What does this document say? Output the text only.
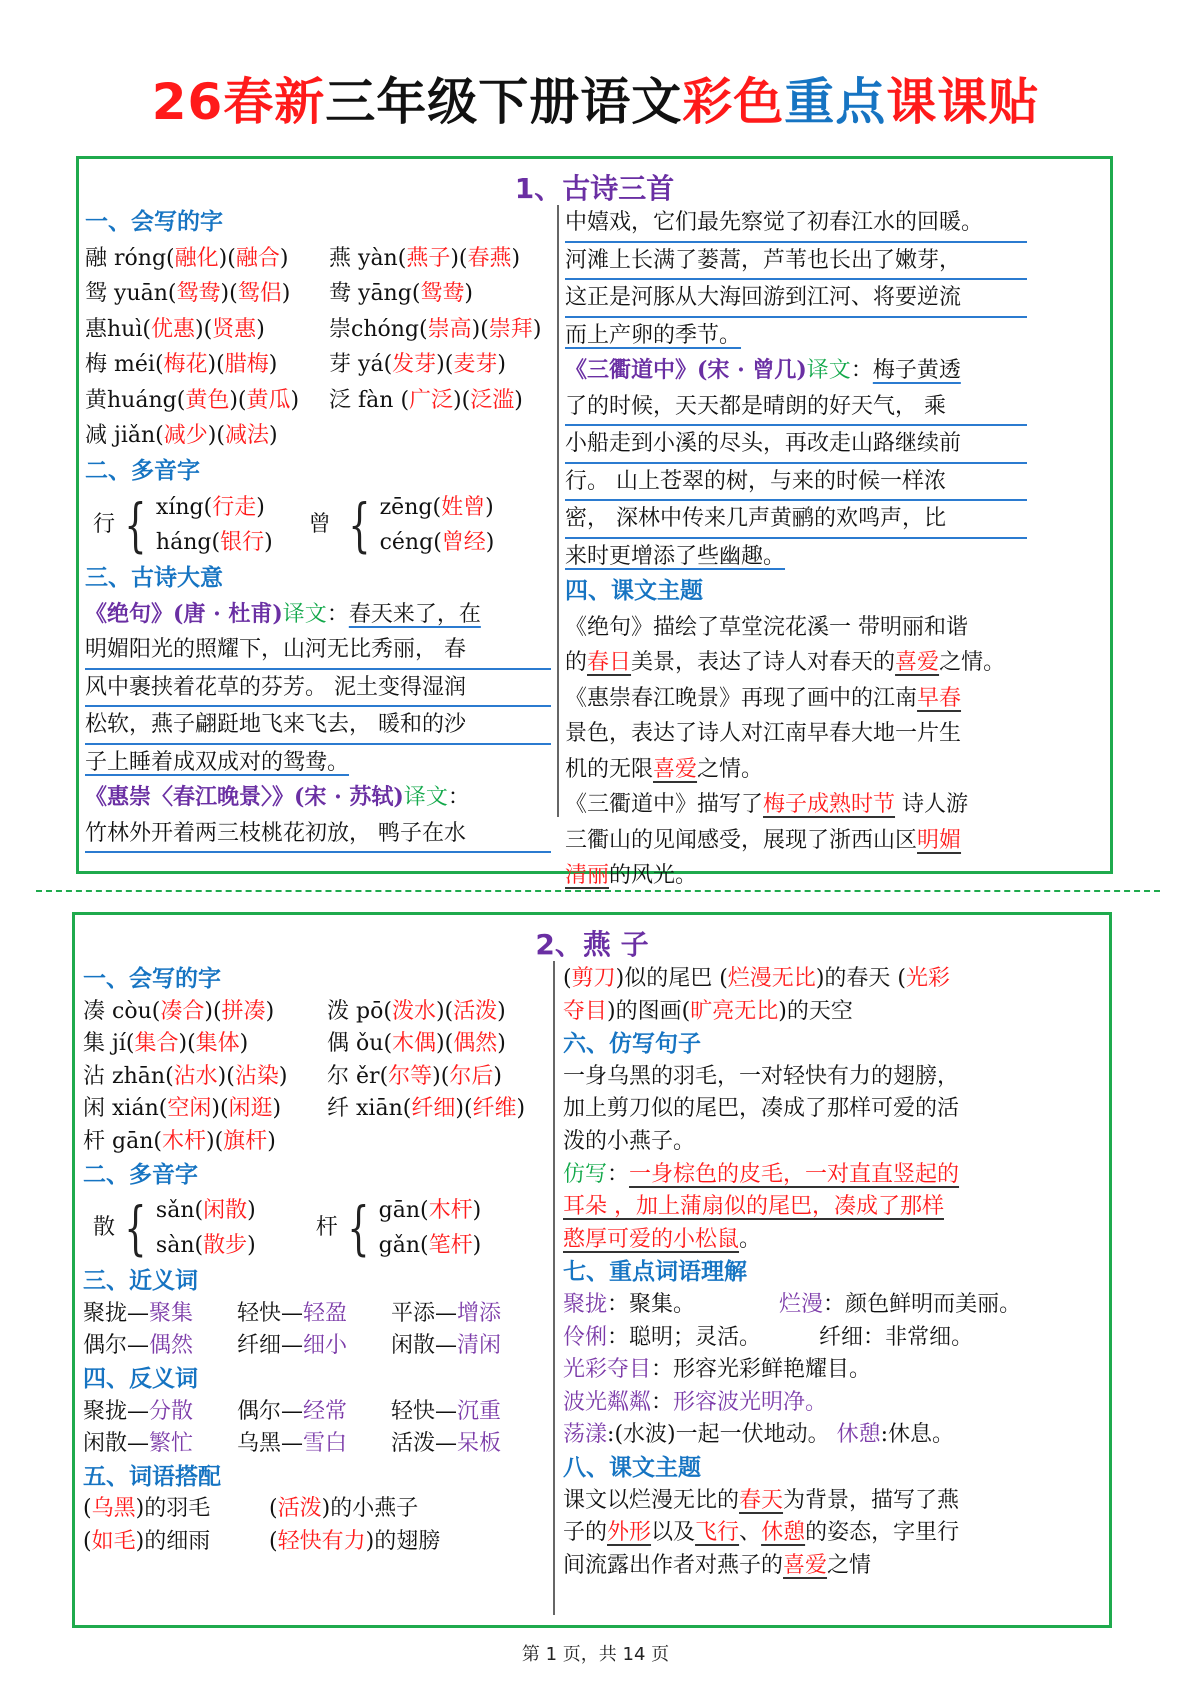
26春新三年级下册语文彩色重点课课贴
1、古诗三首
一、会写的字
融 róng(融化)(融合) 燕 yàn(燕子)(春燕)
鸳 yuān(鸳鸯)(鸳侣) 鸯 yāng(鸳鸯)
惠huì(优惠)(贤惠)	崇chóng(崇高)(崇拜)
梅 méi(梅花)(腊梅) 芽 yá(发芽)(麦芽)
黄huáng(黄色)(黄瓜) 泛 fàn (广泛)(泛滥)
减 jiǎn(减少)(减法)
二、多音字
行 { xíng(行走)
háng(银行)
曾 { zēng(姓曾)
céng(曾经)
三、古诗大意
《绝句》(唐 · 杜甫)译文：春天来了，在
明媚阳光的照耀下，山河无比秀丽， 春
风中裹挟着花草的芬芳。 泥土变得湿润
松软，燕子翩跹地飞来飞去， 暖和的沙
子上睡着成双成对的鸳鸯。
《惠崇〈春江晚景〉》(宋 · 苏轼)译文：
竹林外开着两三枝桃花初放， 鸭子在水
中嬉戏，它们最先察觉了初春江水的回暖。
河滩上长满了蒌蒿，芦苇也长出了嫩芽，
这正是河豚从大海回游到江河、将要逆流
而上产卵的季节。
《三衢道中》(宋 · 曾几)译文：梅子黄透
了的时候，天天都是晴朗的好天气， 乘
小船走到小溪的尽头，再改走山路继续前
行。 山上苍翠的树，与来的时候一样浓
密， 深林中传来几声黄鹂的欢鸣声，比
来时更增添了些幽趣。
四、课文主题
《绝句》描绘了草堂浣花溪一 带明丽和谐
的春日美景，表达了诗人对春天的喜爱之情。
《惠崇春江晚景》再现了画中的江南早春
景色，表达了诗人对江南早春大地一片生
机的无限喜爱之情。
《三衢道中》描写了梅子成熟时节 诗人游
三衢山的见闻感受，展现了浙西山区明媚
清丽的风光。
2、燕 子
一、会写的字
凑 còu(凑合)(拼凑) 泼 pō(泼水)(活泼)
集 jí(集合)(集体)	偶 ǒu(木偶)(偶然)
沾 zhān(沾水)(沾染) 尔 ěr(尔等)(尔后)
闲 xián(空闲)(闲逛) 纤 xiān(纤细)(纤维)
杆 gān(木杆)(旗杆)
二、多音字
散 { sǎn(闲散)
sàn(散步)
杆 { gān(木杆)
gǎn(笔杆)
三、近义词
聚拢—聚集 轻快—轻盈 平添—增添
偶尔—偶然 纤细—细小 闲散—清闲
四、反义词
聚拢—分散 偶尔—经常 轻快—沉重
闲散—繁忙 乌黑—雪白 活泼—呆板
五、词语搭配
(乌黑)的羽毛	(活泼)的小燕子
(如毛)的细雨	(轻快有力)的翅膀
(剪刀)似的尾巴 (烂漫无比)的春天 (光彩
夺目)的图画(旷亮无比)的天空
六、仿写句子
一身乌黑的羽毛，一对轻快有力的翅膀，
加上剪刀似的尾巴，凑成了那样可爱的活
泼的小燕子。
仿写：一身棕色的皮毛，一对直直竖起的
耳朵 ，加上蒲扇似的尾巴，凑成了那样
憨厚可爱的小松鼠。
七、重点词语理解
聚拢：聚集。	烂漫：颜色鲜明而美丽。
伶俐：聪明；灵活。	纤细：非常细。
光彩夺目：形容光彩鲜艳耀目。
波光粼粼：形容波光明净。
荡漾:(水波)一起一伏地动。 休憩:休息。
八、课文主题
课文以烂漫无比的春天为背景，描写了燕
子的外形以及飞行、休憩的姿态，字里行
间流露出作者对燕子的喜爱之情
第 1 页，共 14 页
